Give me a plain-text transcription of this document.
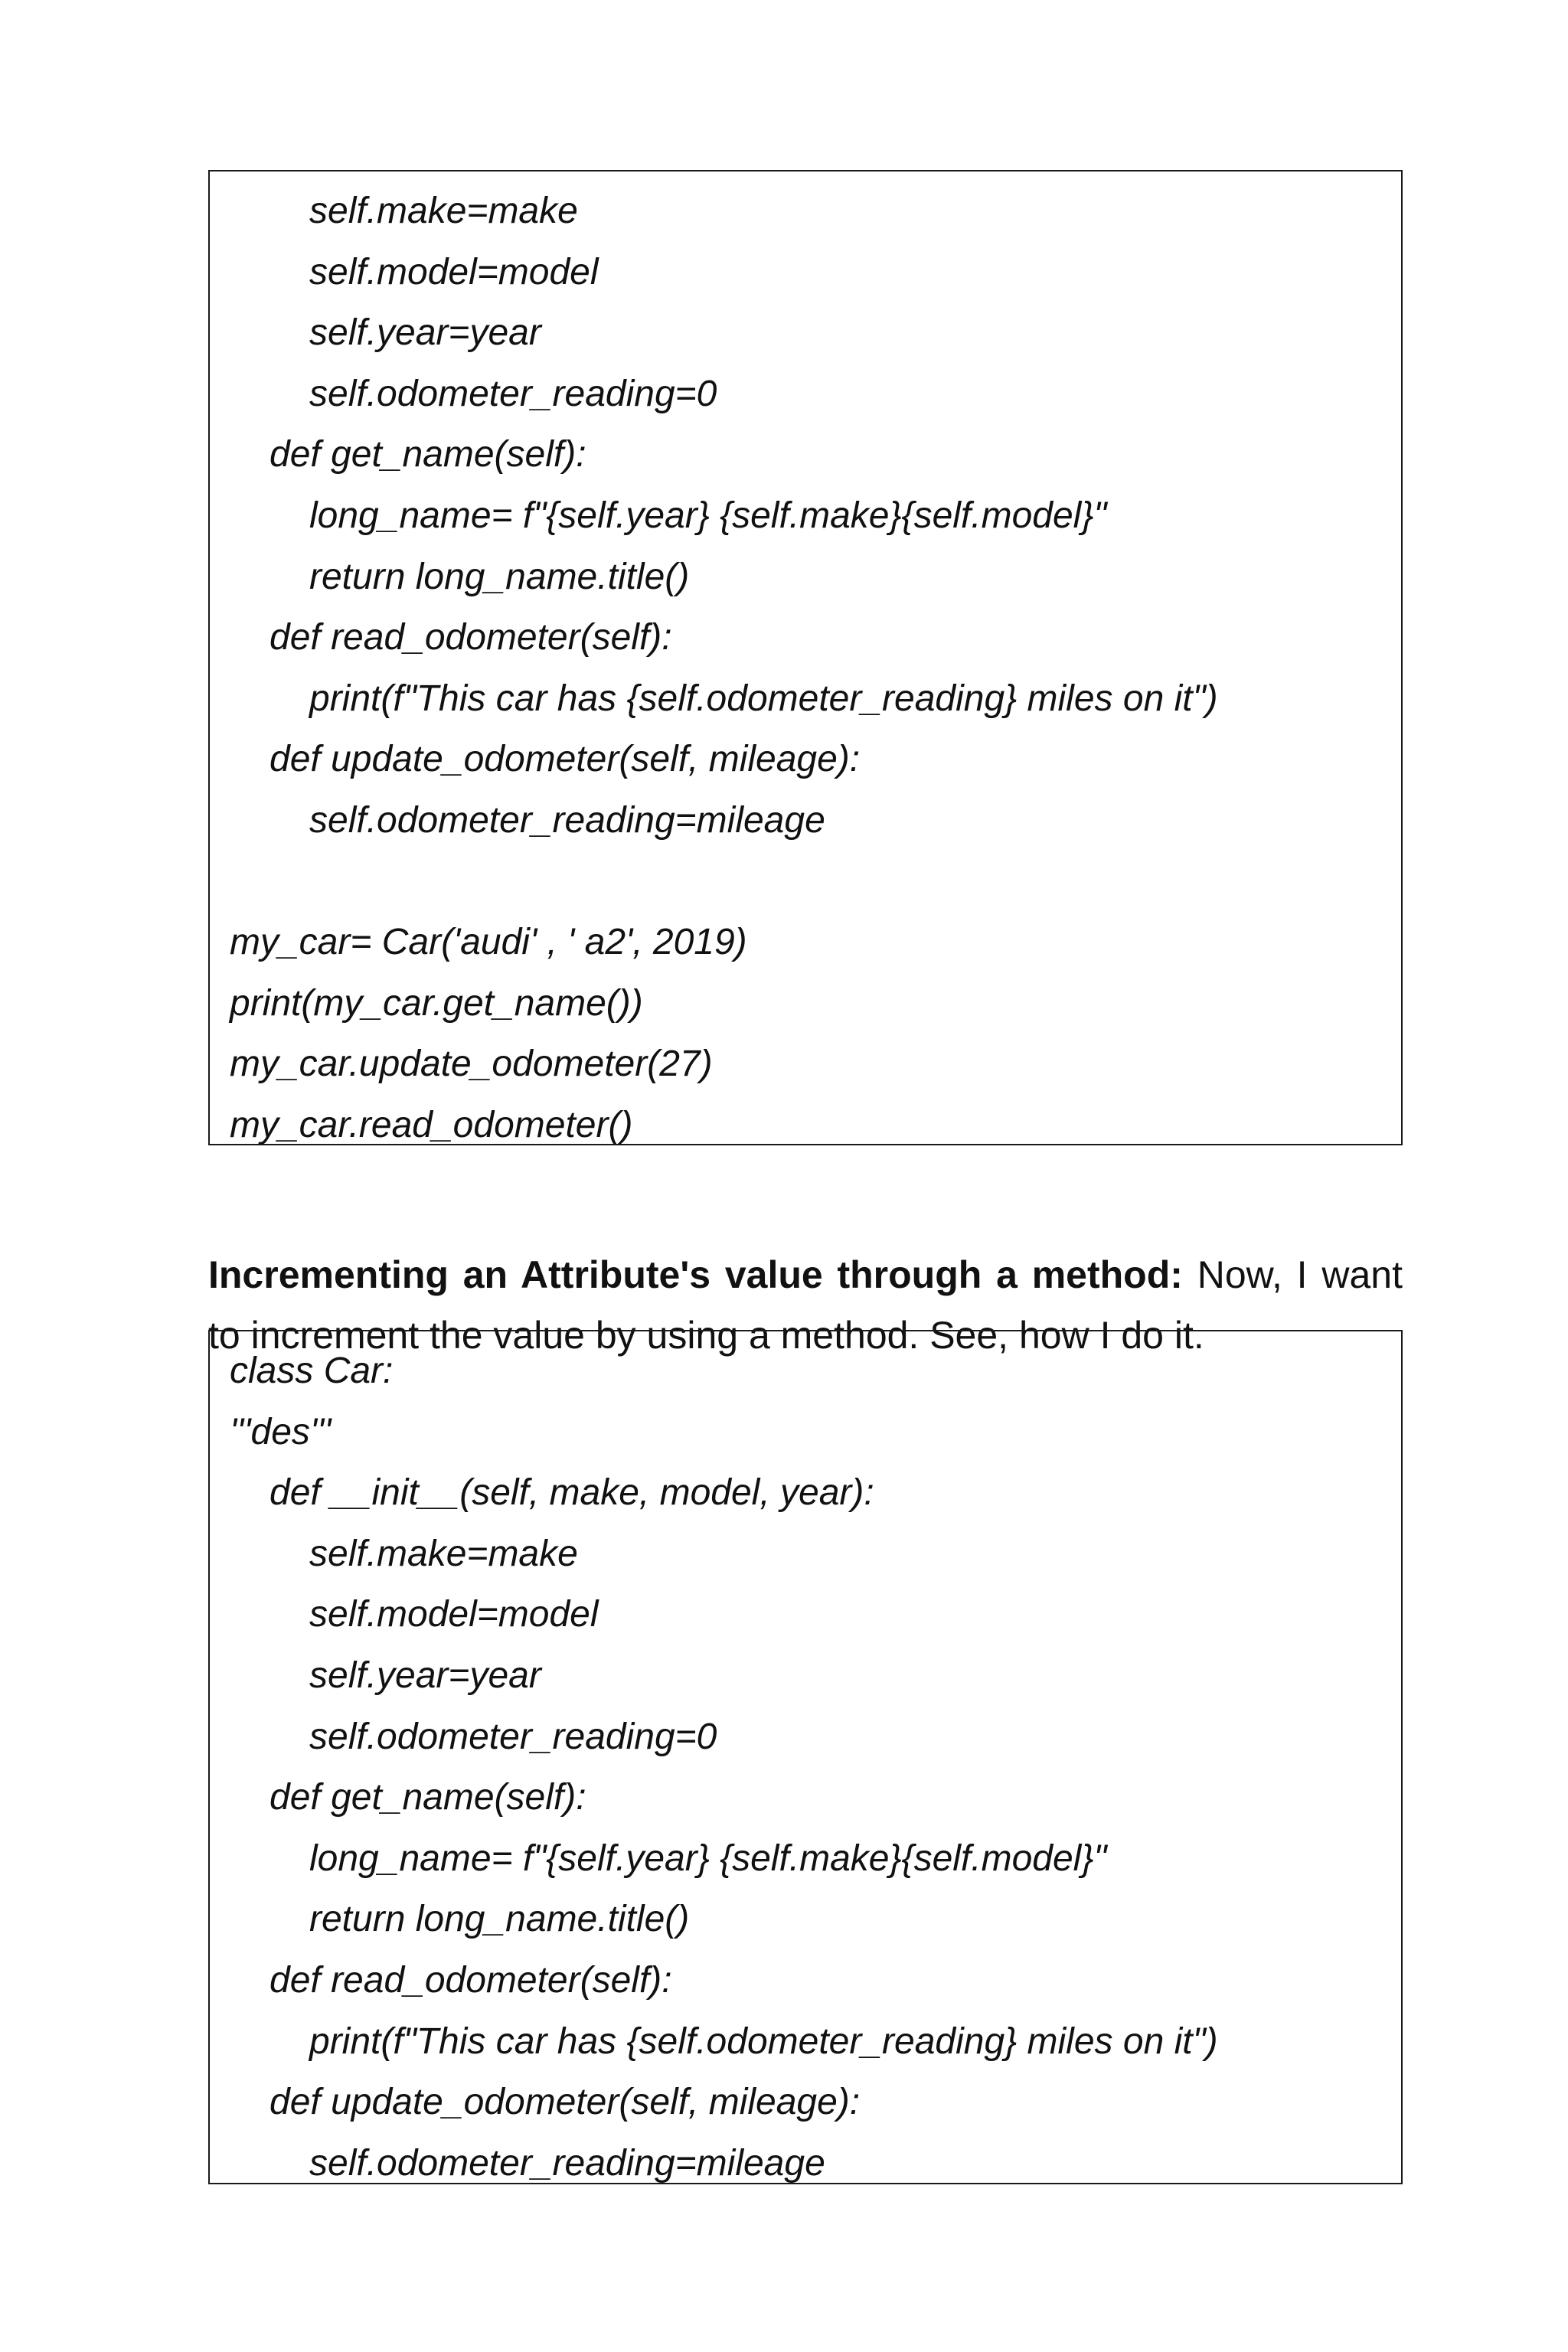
self.make=make
self.model=model
self.year=year
self.odometer_reading=0
def get_name(self):
long_name= f"{self.year} {self.make}{self.model}"
return long_name.title()
def read_odometer(self):
print(f"This car has {self.odometer_reading} miles on it")
def update_odometer(self, mileage):
self.odometer_reading=mileage
my_car= Car('audi' , ' a2', 2019)
print(my_car.get_name())
my_car.update_odometer(27)
my_car.read_odometer()

Incrementing an Attribute's value through a method: Now, I want to increment the value by using a method. See, how I do it.

class Car:
'''des'''
def __init__(self, make, model, year):
self.make=make
self.model=model
self.year=year
self.odometer_reading=0
def get_name(self):
long_name= f"{self.year} {self.make}{self.model}"
return long_name.title()
def read_odometer(self):
print(f"This car has {self.odometer_reading} miles on it")
def update_odometer(self, mileage):
self.odometer_reading=mileage
